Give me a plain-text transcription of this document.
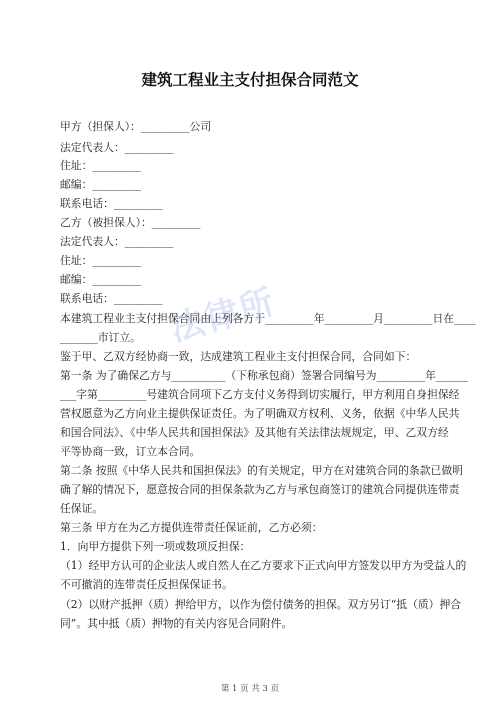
建筑工程业主支付担保合同范文
甲方（担保人）：_________公司
法定代表人：_________
住址：_________
邮编：_________
联系电话：_________
乙方（被担保人）：_________
法定代表人：_________
住址：_________
邮编：_________
联系电话：_________
本建筑工程业主支付担保合同由上列各方于_________年_________月_________日在____
_______市订立。
鉴于甲、乙双方经协商一致，达成建筑工程业主支付担保合同，合同如下：
第一条 为了确保乙方与__________（下称承包商）签署合同编号为_________年______
___字第_________号建筑合同项下乙方支付义务得到切实履行，甲方利用自身担保经
营权愿意为乙方向业主提供保证责任。为了明确双方权利、义务，依据《中华人民共
和国合同法》、《中华人民共和国担保法》及其他有关法律法规规定，甲、乙双方经
平等协商一致，订立本合同。
第二条 按照《中华人民共和国担保法》的有关规定，甲方在对建筑合同的条款已做明
确了解的情况下，愿意按合同的担保条款为乙方与承包商签订的建筑合同提供连带责
任保证。
第三条 甲方在为乙方提供连带责任保证前，乙方必须：
1．向甲方提供下列一项或数项反担保：
（1）经甲方认可的企业法人或自然人在乙方要求下正式向甲方签发以甲方为受益人的
不可撤消的连带责任反担保保证书。
（2）以财产抵押（质）押给甲方，以作为偿付债务的担保。双方另订“抵（质）押合
同”。其中抵（质）押物的有关内容见合同附件。
法律所
第 1 页 共 3 页
